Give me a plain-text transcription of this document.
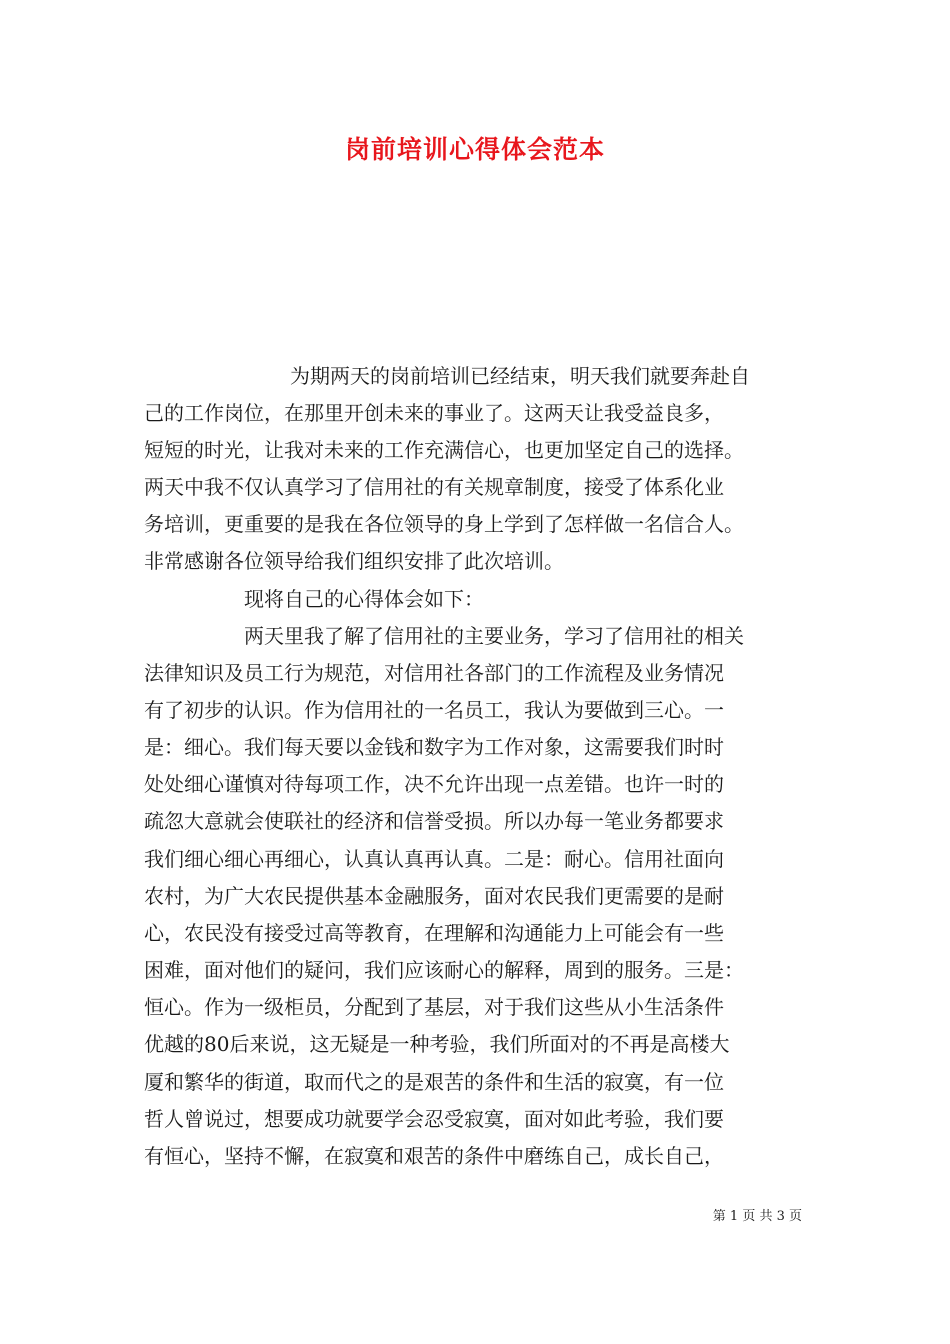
岗前培训心得体会范本
为期两天的岗前培训已经结束，明天我们就要奔赴自
己的工作岗位，在那里开创未来的事业了。这两天让我受益良多，
短短的时光，让我对未来的工作充满信心，也更加坚定自己的选择。
两天中我不仅认真学习了信用社的有关规章制度，接受了体系化业
务培训，更重要的是我在各位领导的身上学到了怎样做一名信合人。
非常感谢各位领导给我们组织安排了此次培训。
现将自己的心得体会如下：
两天里我了解了信用社的主要业务，学习了信用社的相关
法律知识及员工行为规范，对信用社各部门的工作流程及业务情况
有了初步的认识。作为信用社的一名员工，我认为要做到三心。一
是：细心。我们每天要以金钱和数字为工作对象，这需要我们时时
处处细心谨慎对待每项工作，决不允许出现一点差错。也许一时的
疏忽大意就会使联社的经济和信誉受损。所以办每一笔业务都要求
我们细心细心再细心，认真认真再认真。二是：耐心。信用社面向
农村，为广大农民提供基本金融服务，面对农民我们更需要的是耐
心，农民没有接受过高等教育，在理解和沟通能力上可能会有一些
困难，面对他们的疑问，我们应该耐心的解释，周到的服务。三是：
恒心。作为一级柜员，分配到了基层，对于我们这些从小生活条件
优越的80后来说，这无疑是一种考验，我们所面对的不再是高楼大
厦和繁华的街道，取而代之的是艰苦的条件和生活的寂寞，有一位
哲人曾说过，想要成功就要学会忍受寂寞，面对如此考验，我们要
有恒心，坚持不懈，在寂寞和艰苦的条件中磨练自己，成长自己，
第 1 页 共 3 页
